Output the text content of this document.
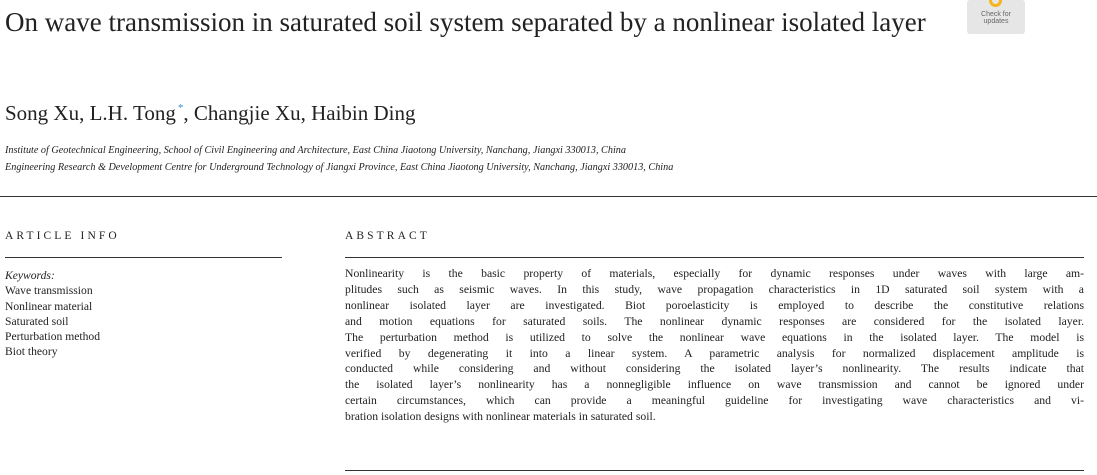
On wave transmission in saturated soil system separated by a nonlinear isolated layer	Check for
updates
Song Xu, L.H. Tong *, Changjie Xu, Haibin Ding
Institute of Geotechnical Engineering, School of Civil Engineering and Architecture, East China Jiaotong University, Nanchang, Jiangxi 330013, China
Engineering Research & Development Centre for Underground Technology of Jiangxi Province, East China Jiaotong University, Nanchang, Jiangxi 330013, China
ARTICLE INFO
Keywords:
Wave transmission
Nonlinear material
Saturated soil
Perturbation method
Biot theory
ABSTRACT
Nonlinearity is the basic property of materials, especially for dynamic responses under waves with large am-
plitudes such as seismic waves. In this study, wave propagation characteristics in 1D saturated soil system with a
nonlinear isolated layer are investigated. Biot poroelasticity is employed to describe the constitutive relations
and motion equations for saturated soils. The nonlinear dynamic responses are considered for the isolated layer.
The perturbation method is utilized to solve the nonlinear wave equations in the isolated layer. The model is
verified by degenerating it into a linear system. A parametric analysis for normalized displacement amplitude is
conducted while considering and without considering the isolated layer’s nonlinearity. The results indicate that
the isolated layer’s nonlinearity has a nonnegligible influence on wave transmission and cannot be ignored under
certain circumstances, which can provide a meaningful guideline for investigating wave characteristics and vi-
bration isolation designs with nonlinear materials in saturated soil.
